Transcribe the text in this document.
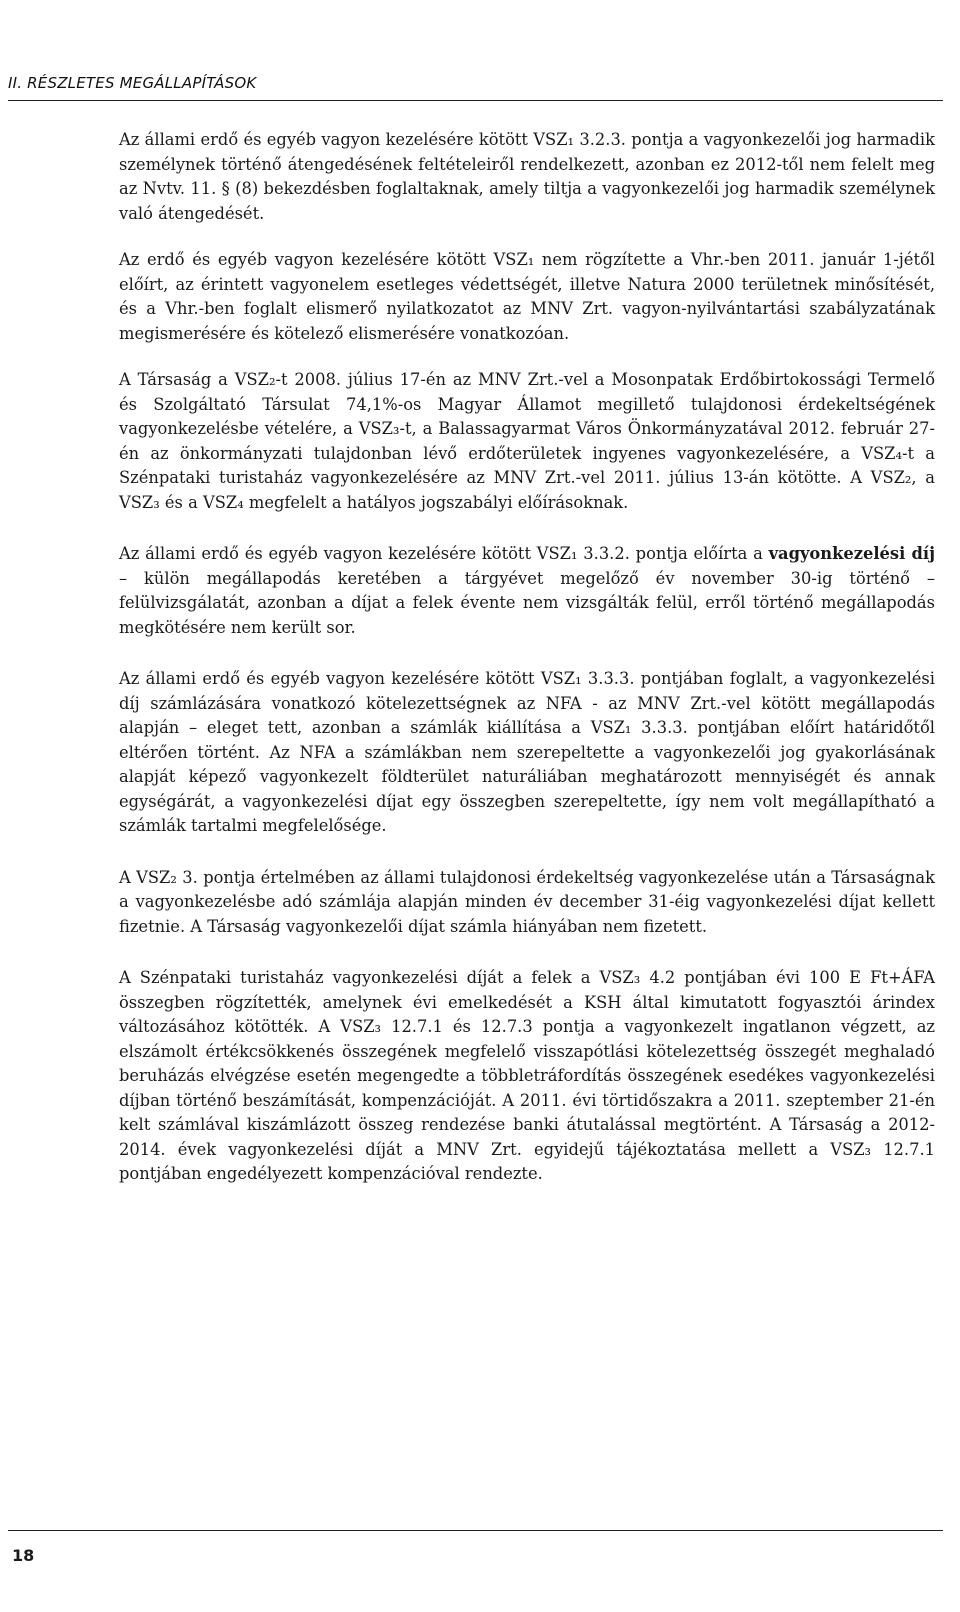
II. RÉSZLETES MEGÁLLAPÍTÁSOK

Az állami erdő és egyéb vagyon kezelésére kötött VSZ₁ 3.2.3. pontja a vagyonkezelői jog harmadik személynek történő átengedésének feltételeiről rendelkezett, azonban ez 2012-től nem felelt meg az Nvtv. 11. § (8) bekezdésben foglaltaknak, amely tiltja a vagyonkezelői jog harmadik személynek való átengedését.

Az erdő és egyéb vagyon kezelésére kötött VSZ₁ nem rögzítette a Vhr.-ben 2011. január 1-jétől előírt, az érintett vagyonelem esetleges védettségét, illetve Natura 2000 területnek minősítését, és a Vhr.-ben foglalt elismerő nyilatkozatot az MNV Zrt. vagyon-nyilvántartási szabályzatának megismerésére és kötelező elismerésére vonatkozóan.

A Társaság a VSZ₂-t 2008. július 17-én az MNV Zrt.-vel a Mosonpatak Erdőbirtokossági Termelő és Szolgáltató Társulat 74,1%-os Magyar Államot megillető tulajdonosi érdekeltségének vagyonkezelésbe vételére, a VSZ₃-t, a Balassagyarmat Város Önkormányzatával 2012. február 27-én az önkormányzati tulajdonban lévő erdőterületek ingyenes vagyonkezelésére, a VSZ₄-t a Szénpataki turistaház vagyonkezelésére az MNV Zrt.-vel 2011. július 13-án kötötte. A VSZ₂, a VSZ₃ és a VSZ₄ megfelelt a hatályos jogszabályi előírásoknak.

Az állami erdő és egyéb vagyon kezelésére kötött VSZ₁ 3.3.2. pontja előírta a vagyonkezelési díj – külön megállapodás keretében a tárgyévet megelőző év november 30-ig történő – felülvizsgálatát, azonban a díjat a felek évente nem vizsgálták felül, erről történő megállapodás megkötésére nem került sor.

Az állami erdő és egyéb vagyon kezelésére kötött VSZ₁ 3.3.3. pontjában foglalt, a vagyonkezelési díj számlázására vonatkozó kötelezettségnek az NFA - az MNV Zrt.-vel kötött megállapodás alapján – eleget tett, azonban a számlák kiállítása a VSZ₁ 3.3.3. pontjában előírt határidőtől eltérően történt. Az NFA a számlákban nem szerepeltette a vagyonkezelői jog gyakorlásának alapját képező vagyonkezelt földterület naturáliában meghatározott mennyiségét és annak egységárát, a vagyonkezelési díjat egy összegben szerepeltette, így nem volt megállapítható a számlák tartalmi megfelelősége.

A VSZ₂ 3. pontja értelmében az állami tulajdonosi érdekeltség vagyonkezelése után a Társaságnak a vagyonkezelésbe adó számlája alapján minden év december 31-éig vagyonkezelési díjat kellett fizetnie. A Társaság vagyonkezelői díjat számla hiányában nem fizetett.

A Szénpataki turistaház vagyonkezelési díját a felek a VSZ₃ 4.2 pontjában évi 100 E Ft+ÁFA összegben rögzítették, amelynek évi emelkedését a KSH által kimutatott fogyasztói árindex változásához kötötték. A VSZ₃ 12.7.1 és 12.7.3 pontja a vagyonkezelt ingatlanon végzett, az elszámolt értékcsökkenés összegének megfelelő visszapótlási kötelezettség összegét meghaladó beruházás elvégzése esetén megengedte a többletráfordítás összegének esedékes vagyonkezelési díjban történő beszámítását, kompenzációját. A 2011. évi törtidőszakra a 2011. szeptember 21-én kelt számlával kiszámlázott összeg rendezése banki átutalással megtörtént. A Társaság a 2012-2014. évek vagyonkezelési díját a MNV Zrt. egyidejű tájékoztatása mellett a VSZ₃ 12.7.1 pontjában engedélyezett kompenzációval rendezte.

18
